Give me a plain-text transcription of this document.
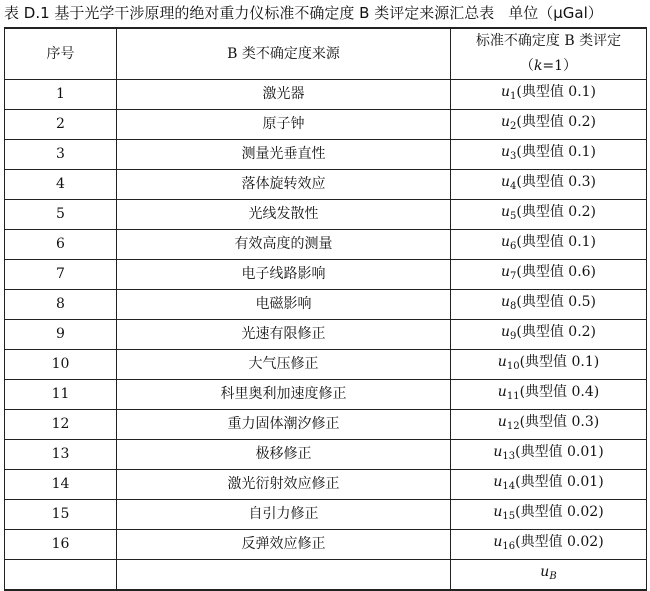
表 D.1 基于光学干涉原理的绝对重力仪标准不确定度 B 类评定来源汇总表 单位（μGal）
序号	B 类不确定度来源	标准不确定度 B 类评定
（k=1）

1	激光器	$u_1$(典型值 0.1)
2	原子钟	$u_2$(典型值 0.2)
3	测量光垂直性	$u_3$(典型值 0.1)
4	落体旋转效应	$u_4$(典型值 0.3)
5	光线发散性	$u_5$(典型值 0.2)
6	有效高度的测量	$u_6$(典型值 0.1)
7	电子线路影响	$u_7$(典型值 0.6)
8	电磁影响	$u_8$(典型值 0.5)
9	光速有限修正	$u_9$(典型值 0.2)
10	大气压修正	$u_{10}$(典型值 0.1)
11	科里奥利加速度修正	$u_{11}$(典型值 0.4)
12	重力固体潮汐修正	$u_{12}$(典型值 0.3)
13	极移修正	$u_{13}$(典型值 0.01)
14	激光衍射效应修正	$u_{14}$(典型值 0.01)
15	自引力修正	$u_{15}$(典型值 0.02)
16	反弹效应修正	$u_{16}$(典型值 0.02)
		$u_B$
